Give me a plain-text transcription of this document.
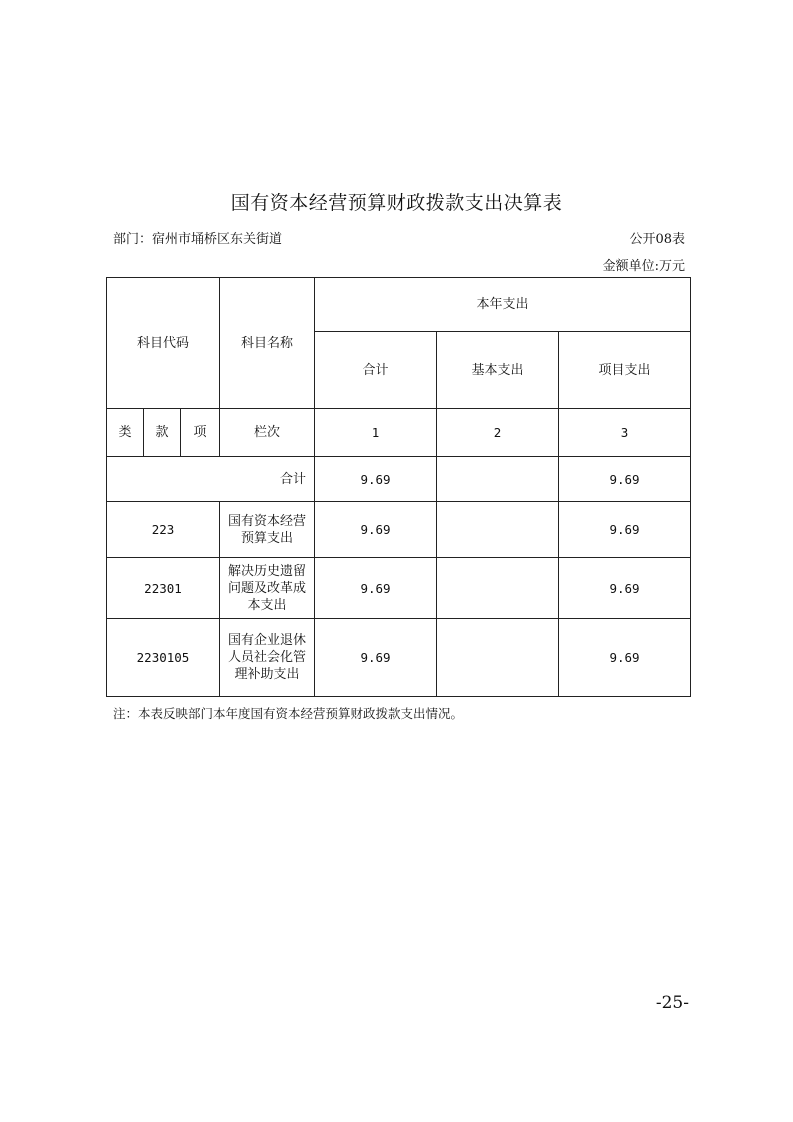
国有资本经营预算财政拨款支出决算表
部门：宿州市埇桥区东关街道	公开08表
金额单位:万元
科目代码			科目名称	本年支出		
				合计	基本支出	项目支出
类	款	项	栏次	1	2	3
合计				9.69		9.69
223			国有资本经营预算支出	9.69		9.69
22301			解决历史遗留问题及改革成本支出	9.69		9.69
2230105			国有企业退休人员社会化管理补助支出	9.69		9.69
注：本表反映部门本年度国有资本经营预算财政拨款支出情况。
-25-
